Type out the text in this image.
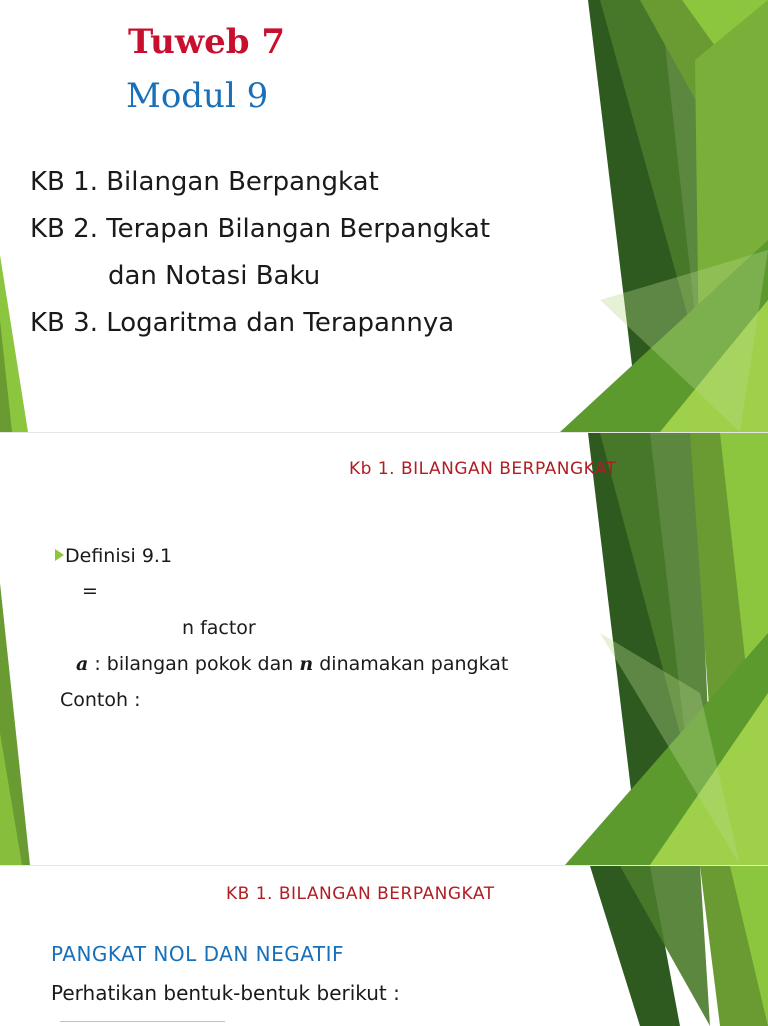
Tuweb 7
Modul 9
KB 1. Bilangan Berpangkat
KB 2. Terapan Bilangan Berpangkat
dan Notasi Baku
KB 3. Logaritma dan Terapannya
Kb 1. BILANGAN BERPANGKAT
Definisi 9.1
=
n factor
a : bilangan pokok dan n dinamakan pangkat
Contoh :
KB 1. BILANGAN BERPANGKAT
PANGKAT NOL DAN NEGATIF
Perhatikan bentuk-bentuk berikut :
